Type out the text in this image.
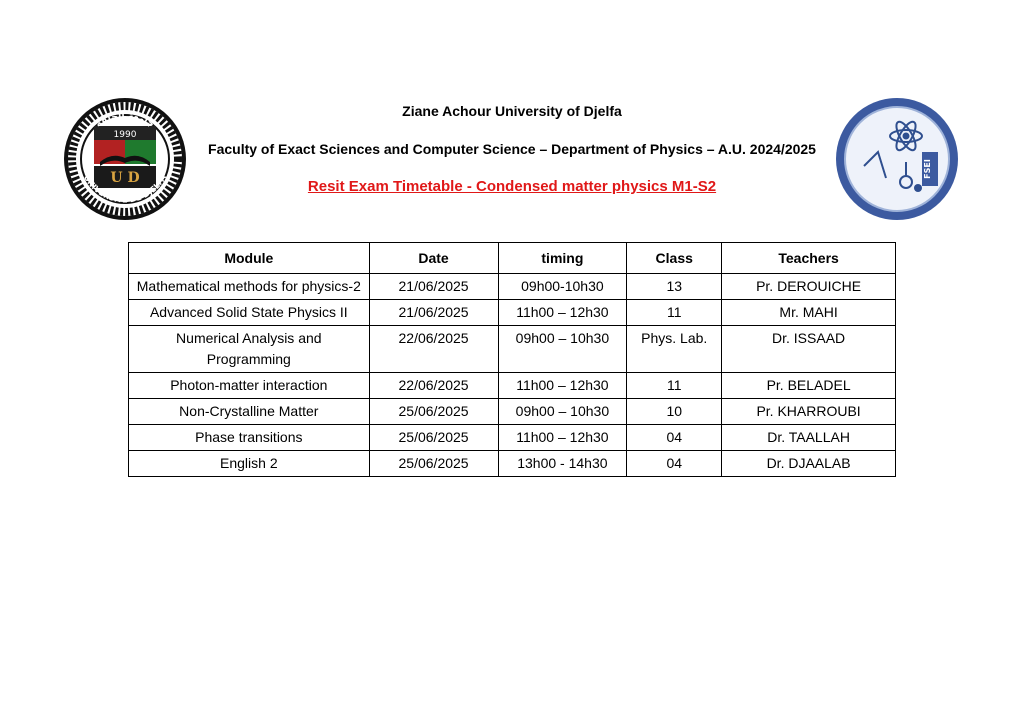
1990
U D
UNIVERSITÉ DE DJELFA
جامعة الجلفة
Ziane Achour University of Djelfa
Faculty of Exact Sciences and Computer Science – Department of Physics – A.U. 2024/2025
Resit Exam Timetable - Condensed matter physics M1-S2
FSEI
Module	Date	timing	Class	Teachers
Mathematical methods for physics-2	21/06/2025	09h00-10h30	13	Pr. DEROUICHE
Advanced Solid State Physics II	21/06/2025	11h00 – 12h30	11	Mr. MAHI
Numerical Analysis and Programming	22/06/2025	09h00 – 10h30	Phys. Lab.	Dr. ISSAAD
Photon-matter interaction	22/06/2025	11h00 – 12h30	11	Pr. BELADEL
Non-Crystalline Matter	25/06/2025	09h00 – 10h30	10	Pr. KHARROUBI
Phase transitions	25/06/2025	11h00 – 12h30	04	Dr. TAALLAH
English 2	25/06/2025	13h00 - 14h30	04	Dr. DJAALAB
